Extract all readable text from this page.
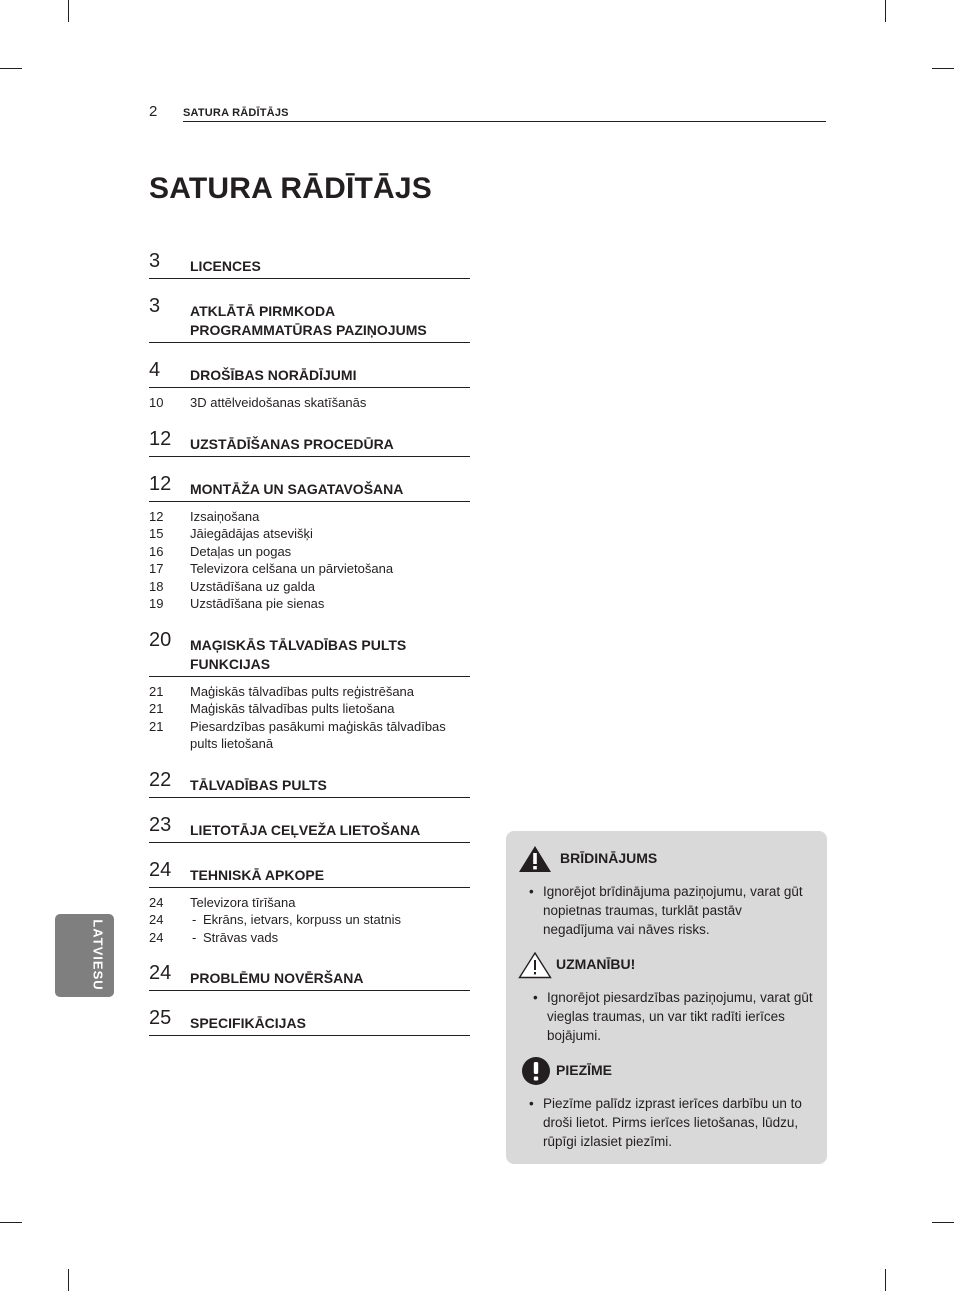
2 SATURA RĀDĪTĀJS
SATURA RĀDĪTĀJS
3 LICENCES
3 ATKLĀTĀ PIRMKODA PROGRAMMATŪRAS PAZIŅOJUMS
4 DROŠĪBAS NORĀDĪJUMI
10 3D attēlveidošanas skatīšanās
12 UZSTĀDĪŠANAS PROCEDŪRA
12 MONTĀŽA UN SAGATAVOŠANA
12 Izsaiņošana
15 Jāiegādājas atsevišķi
16 Detaļas un pogas
17 Televizora celšana un pārvietošana
18 Uzstādīšana uz galda
19 Uzstādīšana pie sienas
20 MAĢISKĀS TĀLVADĪBAS PULTS FUNKCIJAS
21 Maģiskās tālvadības pults reģistrēšana
21 Maģiskās tālvadības pults lietošana
21 Piesardzības pasākumi maģiskās tālvadības pults lietošanā
22 TĀLVADĪBAS PULTS
23 LIETOTĀJA CEĻVEŽA LIETOŠANA
24 TEHNISKĀ APKOPE
24 Televizora tīrīšana
24	- Ekrāns, ietvars, korpuss un statnis
24	- Strāvas vads
24 PROBLĒMU NOVĒRŠANA
25 SPECIFIKĀCIJAS
LATVIESU
BRĪDINĀJUMS
• Ignorējot brīdinājuma paziņojumu, varat gūt nopietnas traumas, turklāt pastāv negadījuma vai nāves risks.
UZMANĪBU!
• Ignorējot piesardzības paziņojumu, varat gūt vieglas traumas, un var tikt radīti ierīces bojājumi.
PIEZĪME
• Piezīme palīdz izprast ierīces darbību un to droši lietot. Pirms ierīces lietošanas, lūdzu, rūpīgi izlasiet piezīmi.
